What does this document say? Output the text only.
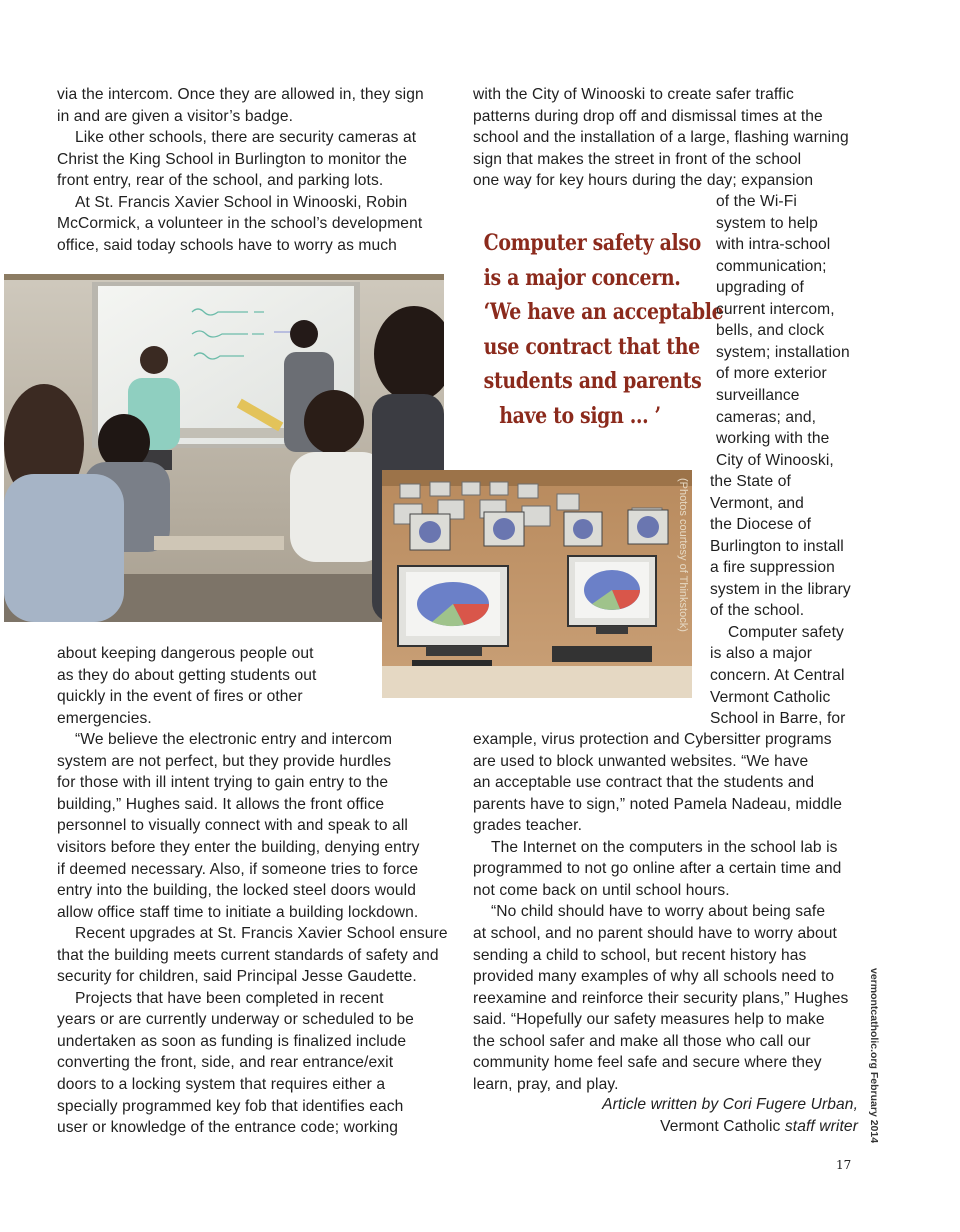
(Photos courtesy of Thinkstock)
Computer safety also
is a major concern.
‘We have an acceptable
use contract that the
students and parents
have to sign … ’
via the intercom. Once they are allowed in, they sign
in and are given a visitor’s badge.
Like other schools, there are security cameras at
Christ the King School in Burlington to monitor the
front entry, rear of the school, and parking lots.
At St. Francis Xavier School in Winooski, Robin
McCormick, a volunteer in the school’s development
office, said today schools have to worry as much
about keeping dangerous people out
as they do about getting students out
quickly in the event of fires or other
emergencies.
“We believe the electronic entry and intercom
system are not perfect, but they provide hurdles
for those with ill intent trying to gain entry to the
building,” Hughes said. It allows the front office
personnel to visually connect with and speak to all
visitors before they enter the building, denying entry
if deemed necessary. Also, if someone tries to force
entry into the building, the locked steel doors would
allow office staff time to initiate a building lockdown.
Recent upgrades at St. Francis Xavier School ensure
that the building meets current standards of safety and
security for children, said Principal Jesse Gaudette.
Projects that have been completed in recent
years or are currently underway or scheduled to be
undertaken as soon as funding is finalized include
converting the front, side, and rear entrance/exit
doors to a locking system that requires either a
specially programmed key fob that identifies each
user or knowledge of the entrance code; working
with the City of Winooski to create safer traffic
patterns during drop off and dismissal times at the
school and the installation of a large, flashing warning
sign that makes the street in front of the school
one way for key hours during the day; expansion
of the Wi-Fi
system to help
with intra-school
communication;
upgrading of
current intercom,
bells, and clock
system; installation
of more exterior
surveillance
cameras; and,
working with the
City of Winooski,
the State of
Vermont, and
the Diocese of
Burlington to install
a fire suppression
system in the library
of the school.
Computer safety
is also a major
concern. At Central
Vermont Catholic
School in Barre, for
example, virus protection and Cybersitter programs
are used to block unwanted websites. “We have
an acceptable use contract that the students and
parents have to sign,” noted Pamela Nadeau, middle
grades teacher.
The Internet on the computers in the school lab is
programmed to not go online after a certain time and
not come back on until school hours.
“No child should have to worry about being safe
at school, and no parent should have to worry about
sending a child to school, but recent history has
provided many examples of why all schools need to
reexamine and reinforce their security plans,” Hughes
said. “Hopefully our safety measures help to make
the school safer and make all those who call our
community home feel safe and secure where they
learn, pray, and play.
Article written by Cori Fugere Urban,
Vermont Catholic staff writer vermontcatholic.org February 2014
17
